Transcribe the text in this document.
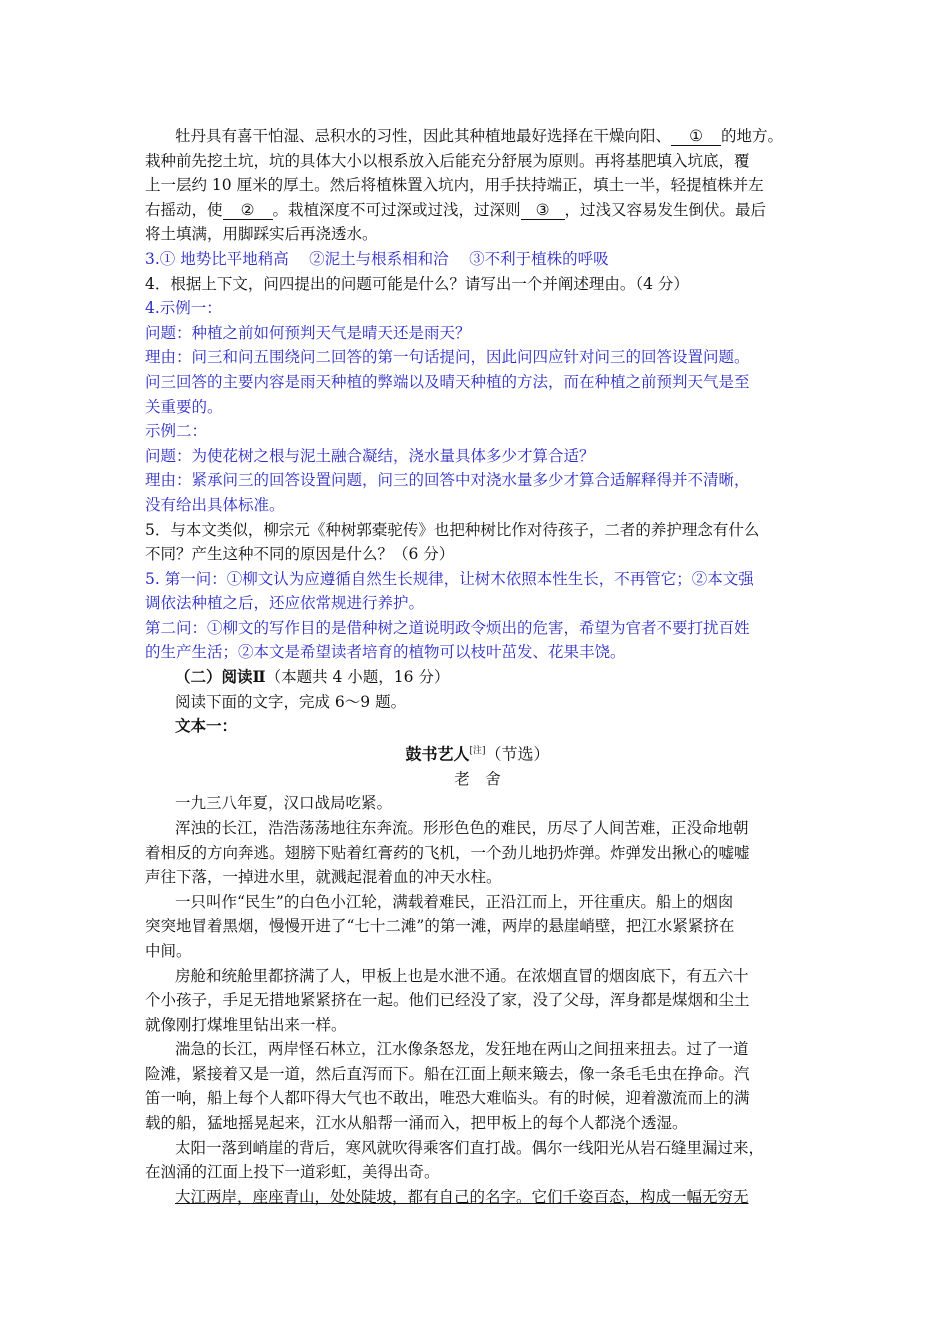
牡丹具有喜干怕湿、忌积水的习性，因此其种植地最好选择在干燥向阳、 ① 的地方。
栽种前先挖土坑，坑的具体大小以根系放入后能充分舒展为原则。再将基肥填入坑底，覆
上一层约 10 厘米的厚土。然后将植株置入坑内，用手扶持端正，填土一半，轻提植株并左
右摇动，使 ② 。栽植深度不可过深或过浅，过深则 ③ ，过浅又容易发生倒伏。最后
将土填满，用脚踩实后再浇透水。
3.① 地势比平地稍高　 ②泥土与根系相和洽　 ③不利于植株的呼吸
4．根据上下文，问四提出的问题可能是什么？请写出一个并阐述理由。（4 分）
4.示例一：
问题：种植之前如何预判天气是晴天还是雨天？
理由：问三和问五围绕问二回答的第一句话提问，因此问四应针对问三的回答设置问题。
问三回答的主要内容是雨天种植的弊端以及晴天种植的方法，而在种植之前预判天气是至
关重要的。
示例二：
问题：为使花树之根与泥土融合凝结，浇水量具体多少才算合适？
理由：紧承问三的回答设置问题，问三的回答中对浇水量多少才算合适解释得并不清晰，
没有给出具体标准。
5．与本文类似，柳宗元《种树郭橐驼传》也把种树比作对待孩子，二者的养护理念有什么
不同？产生这种不同的原因是什么？（6 分）
5. 第一问：①柳文认为应遵循自然生长规律，让树木依照本性生长，不再管它；②本文强
调依法种植之后，还应依常规进行养护。
第二问：①柳文的写作目的是借种树之道说明政令烦出的危害，希望为官者不要打扰百姓
的生产生活；②本文是希望读者培育的植物可以枝叶茁发、花果丰饶。
（二）阅读Ⅱ（本题共 4 小题，16 分）
阅读下面的文字，完成 6～9 题。
文本一：
鼓书艺人[注]（节选）
老　舍
一九三八年夏，汉口战局吃紧。
浑浊的长江，浩浩荡荡地往东奔流。形形色色的难民，历尽了人间苦难，正没命地朝
着相反的方向奔逃。翅膀下贴着红膏药的飞机，一个劲儿地扔炸弹。炸弹发出揪心的嘘嘘
声往下落，一掉进水里，就溅起混着血的冲天水柱。
一只叫作“民生”的白色小江轮，满载着难民，正沿江而上，开往重庆。船上的烟囱
突突地冒着黑烟，慢慢开进了“七十二滩”的第一滩，两岸的悬崖峭壁，把江水紧紧挤在
中间。
房舱和统舱里都挤满了人，甲板上也是水泄不通。在浓烟直冒的烟囱底下，有五六十
个小孩子，手足无措地紧紧挤在一起。他们已经没了家，没了父母，浑身都是煤烟和尘土
就像刚打煤堆里钻出来一样。
湍急的长江，两岸怪石林立，江水像条怒龙，发狂地在两山之间扭来扭去。过了一道
险滩，紧接着又是一道，然后直泻而下。船在江面上颠来簸去，像一条毛毛虫在挣命。汽
笛一响，船上每个人都吓得大气也不敢出，唯恐大难临头。有的时候，迎着激流而上的满
载的船，猛地摇晃起来，江水从船帮一涌而入，把甲板上的每个人都浇个透湿。
太阳一落到峭崖的背后，寒风就吹得乘客们直打战。偶尔一线阳光从岩石缝里漏过来，
在汹涌的江面上投下一道彩虹，美得出奇。
大江两岸，座座青山，处处陡坡，都有自己的名字。它们千姿百态，构成一幅无穷无
